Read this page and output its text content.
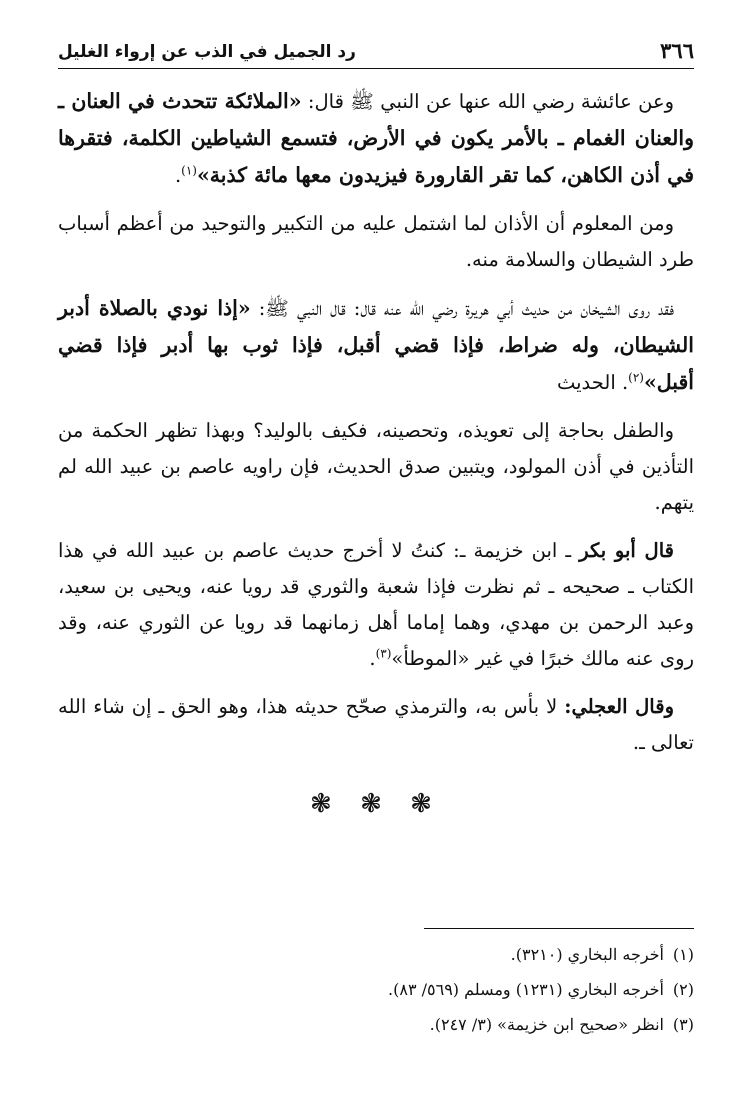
٣٦٦
رد الجميل في الذب عن إرواء الغليل

وعن عائشة رضي الله عنها عن النبي ﷺ قال: «الملائكة تتحدث في العنان ـ والعنان الغمام ـ بالأمر يكون في الأرض، فتسمع الشياطين الكلمة، فتقرها في أذن الكاهن، كما تقر القارورة فيزيدون معها مائة كذبة»$^{(١)}$.

ومن المعلوم أن الأذان لما اشتمل عليه من التكبير والتوحيد من أعظم أسباب طرد الشيطان والسلامة منه.

فقد روى الشيخان من حديث أبي هريرة رضي الله عنه قال: قال النبي ﷺ: «إذا نودي بالصلاة أدبر الشيطان، وله ضراط، فإذا قضي أقبل، فإذا ثوب بها أدبر فإذا قضي أقبل»$^{(٢)}$. الحديث

والطفل بحاجة إلى تعويذه، وتحصينه، فكيف بالوليد؟ وبهذا تظهر الحكمة من التأذين في أذن المولود، ويتبين صدق الحديث، فإن راويه عاصم بن عبيد الله لم يتهم.

قال أبو بكر ـ ابن خزيمة ـ: كنتُ لا أخرج حديث عاصم بن عبيد الله في هذا الكتاب ـ صحيحه ـ ثم نظرت فإذا شعبة والثوري قد رويا عنه، ويحيى بن سعيد، وعبد الرحمن بن مهدي، وهما إماما أهل زمانهما قد رويا عن الثوري عنه، وقد روى عنه مالك خبرًا في غير «الموطأ»$^{(٣)}$.

وقال العجلي: لا بأس به، والترمذي صحّح حديثه هذا، وهو الحق ـ إن شاء الله تعالى ـ.

❃ ❃ ❃
(١)أخرجه البخاري (٣٢١٠).
(٢)أخرجه البخاري (١٢٣١) ومسلم (٥٦٩/ ٨٣).
(٣)انظر «صحيح ابن خزيمة» (٣/ ٢٤٧).
